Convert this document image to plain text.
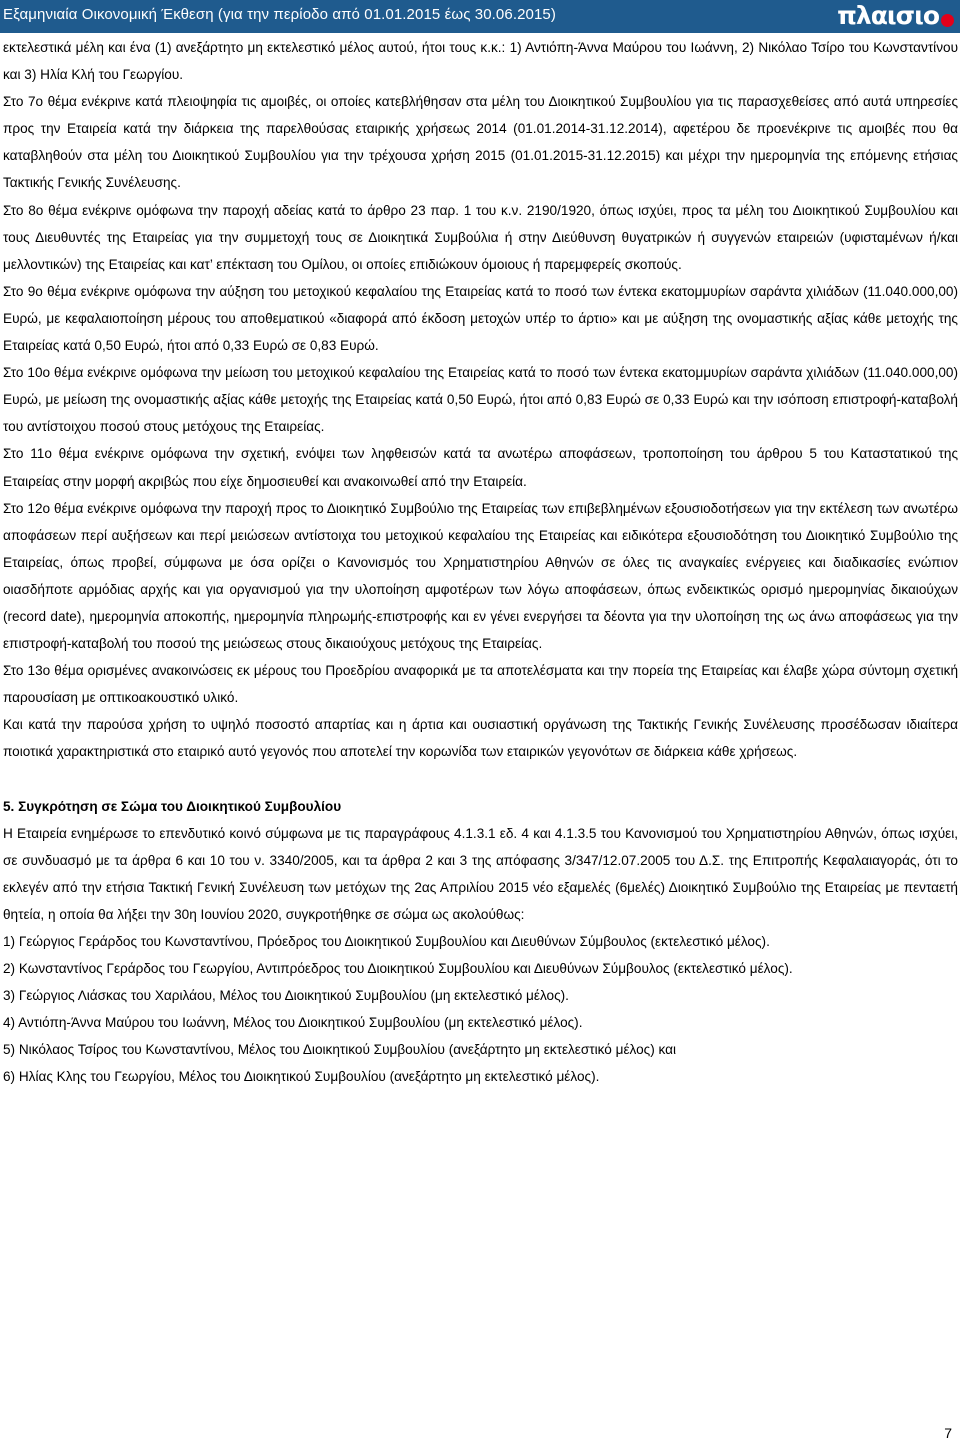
Εξαμηνιαία Οικονομική Έκθεση (για την περίοδο από 01.01.2015 έως 30.06.2015)	πλαισιο

εκτελεστικά μέλη και ένα (1) ανεξάρτητο μη εκτελεστικό μέλος αυτού, ήτοι τους κ.κ.: 1) Αντιόπη-Άννα Μαύρου του Ιωάννη, 2) Νικόλαο Τσίρο του Κωνσταντίνου και 3) Ηλία Κλή του Γεωργίου.

Στο 7ο θέμα ενέκρινε κατά πλειοψηφία τις αμοιβές, οι οποίες κατεβλήθησαν στα μέλη του Διοικητικού Συμβουλίου για τις παρασχεθείσες από αυτά υπηρεσίες προς την Εταιρεία κατά την διάρκεια της παρελθούσας εταιρικής χρήσεως 2014 (01.01.2014-31.12.2014), αφετέρου δε προενέκρινε τις αμοιβές που θα καταβληθούν στα μέλη του Διοικητικού Συμβουλίου για την τρέχουσα χρήση 2015 (01.01.2015-31.12.2015) και μέχρι την ημερομηνία της επόμενης ετήσιας Τακτικής Γενικής Συνέλευσης.

Στο 8ο θέμα ενέκρινε ομόφωνα την παροχή αδείας κατά το άρθρο 23 παρ. 1 του κ.ν. 2190/1920, όπως ισχύει, προς τα μέλη του Διοικητικού Συμβουλίου και τους Διευθυντές της Εταιρείας για την συμμετοχή τους σε Διοικητικά Συμβούλια ή στην Διεύθυνση θυγατρικών ή συγγενών εταιρειών (υφισταμένων ή/και μελλοντικών) της Εταιρείας και κατ’ επέκταση του Ομίλου, οι οποίες επιδιώκουν όμοιους ή παρεμφερείς σκοπούς.

Στο 9ο θέμα ενέκρινε ομόφωνα την αύξηση του μετοχικού κεφαλαίου της Εταιρείας κατά το ποσό των έντεκα εκατομμυρίων σαράντα χιλιάδων (11.040.000,00) Ευρώ, με κεφαλαιοποίηση μέρους του αποθεματικού «διαφορά από έκδοση μετοχών υπέρ το άρτιο» και με αύξηση της ονομαστικής αξίας κάθε μετοχής της Εταιρείας κατά 0,50 Ευρώ, ήτοι από 0,33 Ευρώ σε 0,83 Ευρώ.

Στο 10ο θέμα ενέκρινε ομόφωνα την μείωση του μετοχικού κεφαλαίου της Εταιρείας κατά το ποσό των έντεκα εκατομμυρίων σαράντα χιλιάδων (11.040.000,00) Ευρώ, με μείωση της ονομαστικής αξίας κάθε μετοχής της Εταιρείας κατά 0,50 Ευρώ, ήτοι από 0,83 Ευρώ σε 0,33 Ευρώ και την ισόποση επιστροφή-καταβολή του αντίστοιχου ποσού στους μετόχους της Εταιρείας.

Στο 11ο θέμα ενέκρινε ομόφωνα την σχετική, ενόψει των ληφθεισών κατά τα ανωτέρω αποφάσεων, τροποποίηση του άρθρου 5 του Καταστατικού της Εταιρείας στην μορφή ακριβώς που είχε δημοσιευθεί και ανακοινωθεί από την Εταιρεία.

Στο 12ο θέμα ενέκρινε ομόφωνα την παροχή προς το Διοικητικό Συμβούλιο της Εταιρείας των επιβεβλημένων εξουσιοδοτήσεων για την εκτέλεση των ανωτέρω αποφάσεων περί αυξήσεων και περί μειώσεων αντίστοιχα του μετοχικού κεφαλαίου της Εταιρείας και ειδικότερα εξουσιοδότηση του Διοικητικό Συμβούλιο της Εταιρείας, όπως προβεί, σύμφωνα με όσα ορίζει ο Κανονισμός του Χρηματιστηρίου Αθηνών σε όλες τις αναγκαίες ενέργειες και διαδικασίες ενώπιον οιασδήποτε αρμόδιας αρχής και για οργανισμού για την υλοποίηση αμφοτέρων των λόγω αποφάσεων, όπως ενδεικτικώς ορισμό ημερομηνίας δικαιούχων (record date), ημερομηνία αποκοπής, ημερομηνία πληρωμής-επιστροφής και εν γένει ενεργήσει τα δέοντα για την υλοποίηση της ως άνω αποφάσεως για την επιστροφή-καταβολή του ποσού της μειώσεως στους δικαιούχους μετόχους της Εταιρείας.

Στο 13ο θέμα ορισμένες ανακοινώσεις εκ μέρους του Προεδρίου αναφορικά με τα αποτελέσματα και την πορεία της Εταιρείας και έλαβε χώρα σύντομη σχετική παρουσίαση με οπτικοακουστικό υλικό.

Και κατά την παρούσα χρήση το υψηλό ποσοστό απαρτίας και η άρτια και ουσιαστική οργάνωση της Τακτικής Γενικής Συνέλευσης προσέδωσαν ιδιαίτερα ποιοτικά χαρακτηριστικά στο εταιρικό αυτό γεγονός που αποτελεί την κορωνίδα των εταιρικών γεγονότων σε διάρκεια κάθε χρήσεως.

5. Συγκρότηση σε Σώμα του Διοικητικού Συμβουλίου

Η Εταιρεία ενημέρωσε το επενδυτικό κοινό σύμφωνα με τις παραγράφους 4.1.3.1 εδ. 4 και 4.1.3.5 του Κανονισμού του Χρηματιστηρίου Αθηνών, όπως ισχύει, σε συνδυασμό με τα άρθρα 6 και 10 του ν. 3340/2005, και τα άρθρα 2 και 3 της απόφασης 3/347/12.07.2005 του Δ.Σ. της Επιτροπής Κεφαλαιαγοράς, ότι το εκλεγέν από την ετήσια Τακτική Γενική Συνέλευση των μετόχων της 2ας Απριλίου 2015 νέο εξαμελές (6μελές) Διοικητικό Συμβούλιο της Εταιρείας με πενταετή θητεία, η οποία θα λήξει την 30η Ιουνίου 2020, συγκροτήθηκε σε σώμα ως ακολούθως:

1) Γεώργιος Γεράρδος του Κωνσταντίνου, Πρόεδρος του Διοικητικού Συμβουλίου και Διευθύνων Σύμβουλος (εκτελεστικό μέλος).

2) Κωνσταντίνος Γεράρδος του Γεωργίου, Αντιπρόεδρος του Διοικητικού Συμβουλίου και Διευθύνων Σύμβουλος (εκτελεστικό μέλος).

3) Γεώργιος Λιάσκας του Χαριλάου, Μέλος του Διοικητικού Συμβουλίου (μη εκτελεστικό μέλος).

4) Αντιόπη-Άννα Μαύρου του Ιωάννη, Μέλος του Διοικητικού Συμβουλίου (μη εκτελεστικό μέλος).

5) Νικόλαος Τσίρος του Κωνσταντίνου, Μέλος του Διοικητικού Συμβουλίου (ανεξάρτητο μη εκτελεστικό μέλος) και

6) Ηλίας Κλης του Γεωργίου, Μέλος του Διοικητικού Συμβουλίου (ανεξάρτητο μη εκτελεστικό μέλος).

7
